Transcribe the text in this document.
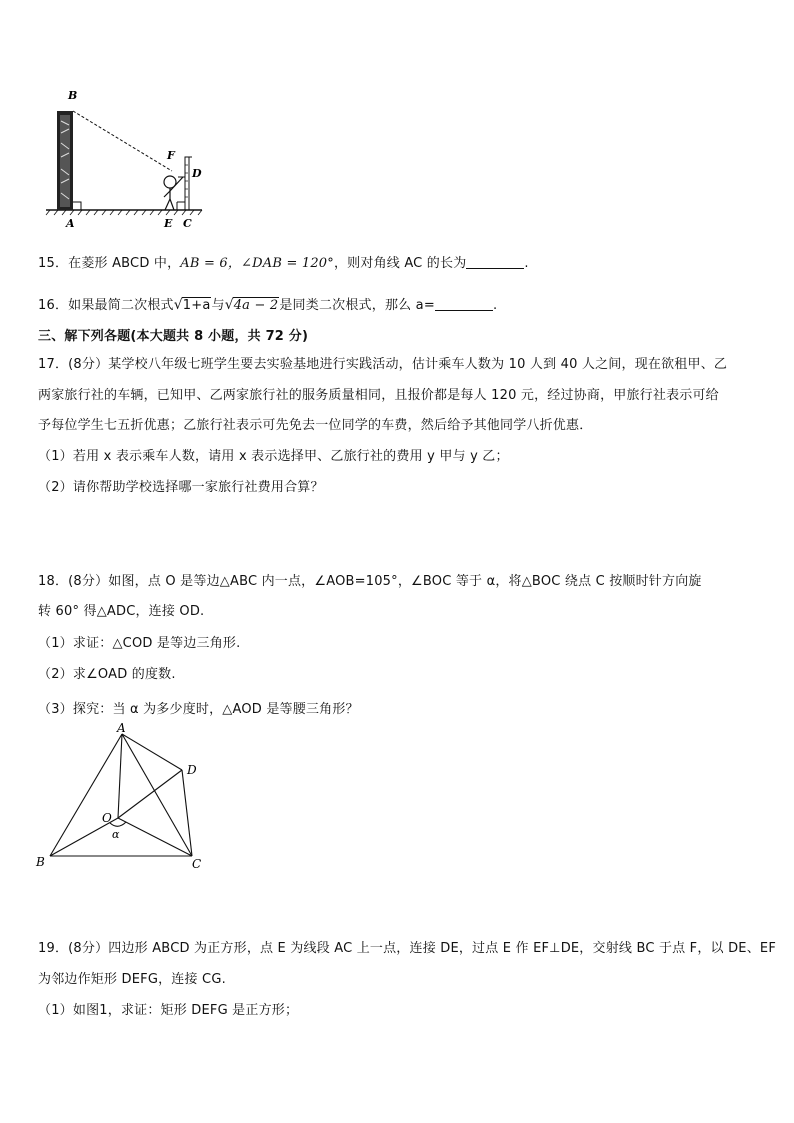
B
F
D
A	E C
15．在菱形 ABCD 中，AB = 6，∠DAB = 120°，则对角线 AC 的长为	.
16．如果最简二次根式 √ 1+a与 √ 4a − 2是同类二次根式，那么 a=	.
三、解下列各题(本大题共 8 小题，共 72 分)
17．(8分）某学校八年级七班学生要去实验基地进行实践活动，估计乘车人数为 10 人到 40 人之间，现在欲租甲、乙
两家旅行社的车辆，已知甲、乙两家旅行社的服务质量相同，且报价都是每人 120 元，经过协商，甲旅行社表示可给
予每位学生七五折优惠；乙旅行社表示可先免去一位同学的车费，然后给予其他同学八折优惠．
（1）若用 x 表示乘车人数，请用 x 表示选择甲、乙旅行社的费用 y 甲与 y 乙；
（2）请你帮助学校选择哪一家旅行社费用合算？
18．(8分）如图，点 O 是等边△ABC 内一点，∠AOB=105°，∠BOC 等于 α，将△BOC 绕点 C 按顺时针方向旋
转 60° 得△ADC，连接 OD.
（1）求证：△COD 是等边三角形.
（2）求∠OAD 的度数.
（3）探究：当 α 为多少度时，△AOD 是等腰三角形？
A
D
O
α
B	C
19．(8分）四边形 ABCD 为正方形，点 E 为线段 AC 上一点，连接 DE，过点 E 作 EF⊥DE，交射线 BC 于点 F，以 DE、EF
为邻边作矩形 DEFG，连接 CG.
（1）如图1，求证：矩形 DEFG 是正方形；
